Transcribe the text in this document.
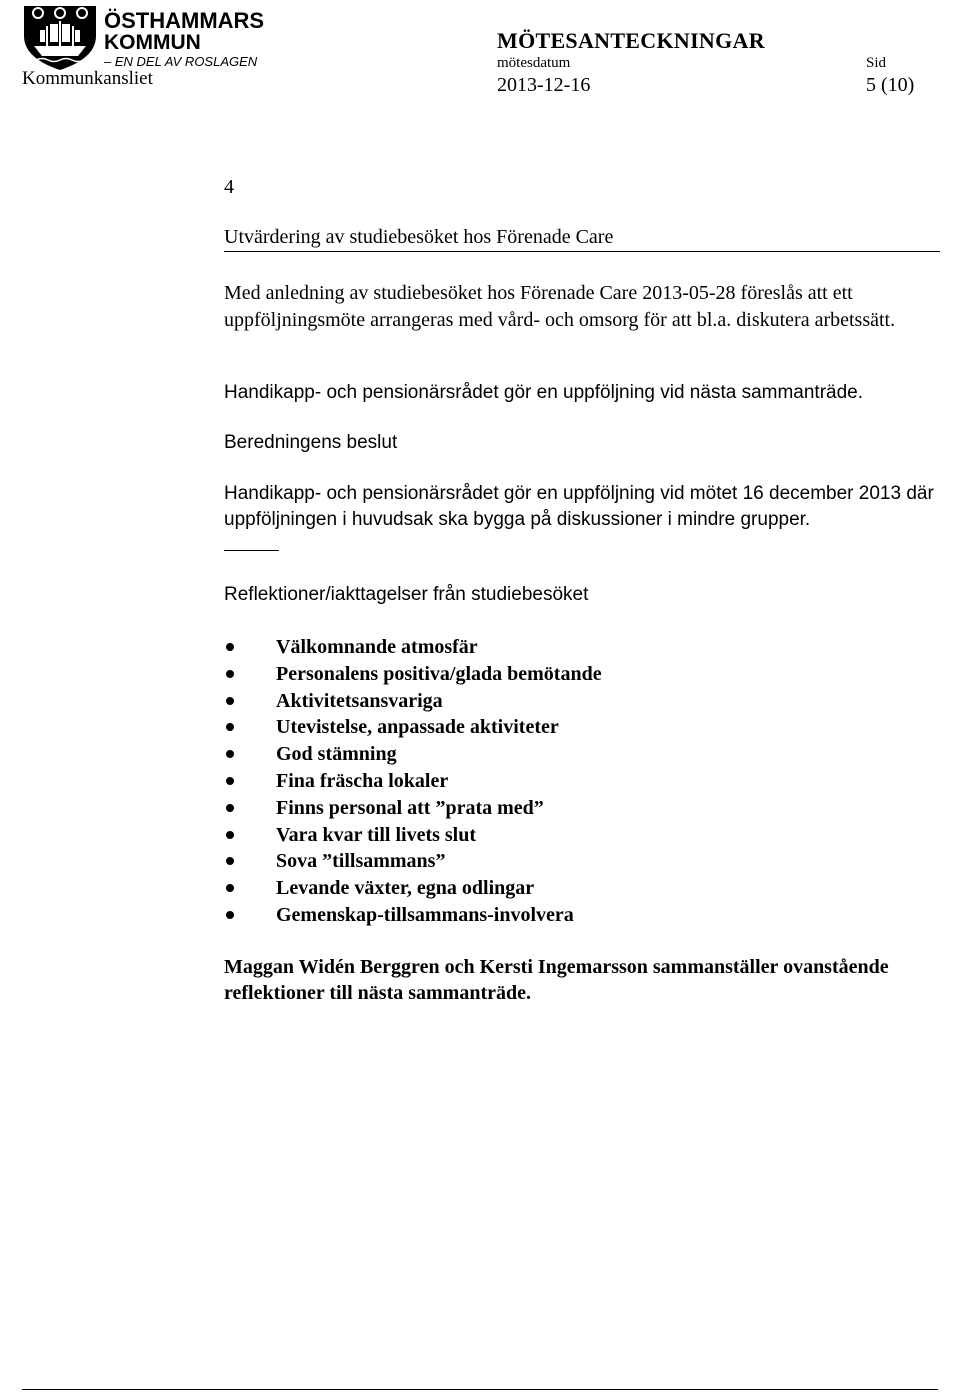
ÖSTHAMMARS
KOMMUN
– EN DEL AV ROSLAGEN
Kommunkansliet
MÖTESANTECKNINGAR
mötesdatum
2013-12-16
Sid
5 (10)
4
Utvärdering av studiebesöket hos Förenade Care
Med anledning av studiebesöket hos Förenade Care 2013-05-28 föreslås att ett uppföljningsmöte arrangeras med vård- och omsorg för att bl.a. diskutera arbetssätt.
Handikapp- och pensionärsrådet gör en uppföljning vid nästa sammanträde.
Beredningens beslut
Handikapp- och pensionärsrådet gör en uppföljning vid mötet 16 december 2013 där uppföljningen i huvudsak ska bygga på diskussioner i mindre grupper.
Reflektioner/iakttagelser från studiebesöket
Välkomnande atmosfär
Personalens positiva/glada bemötande
Aktivitetsansvariga
Utevistelse, anpassade aktiviteter
God stämning
Fina fräscha lokaler
Finns personal att ”prata med”
Vara kvar till livets slut
Sova ”tillsammans”
Levande växter, egna odlingar
Gemenskap-tillsammans-involvera
Maggan Widén Berggren och Kersti Ingemarsson sammanställer ovanstående reflektioner till nästa sammanträde.
